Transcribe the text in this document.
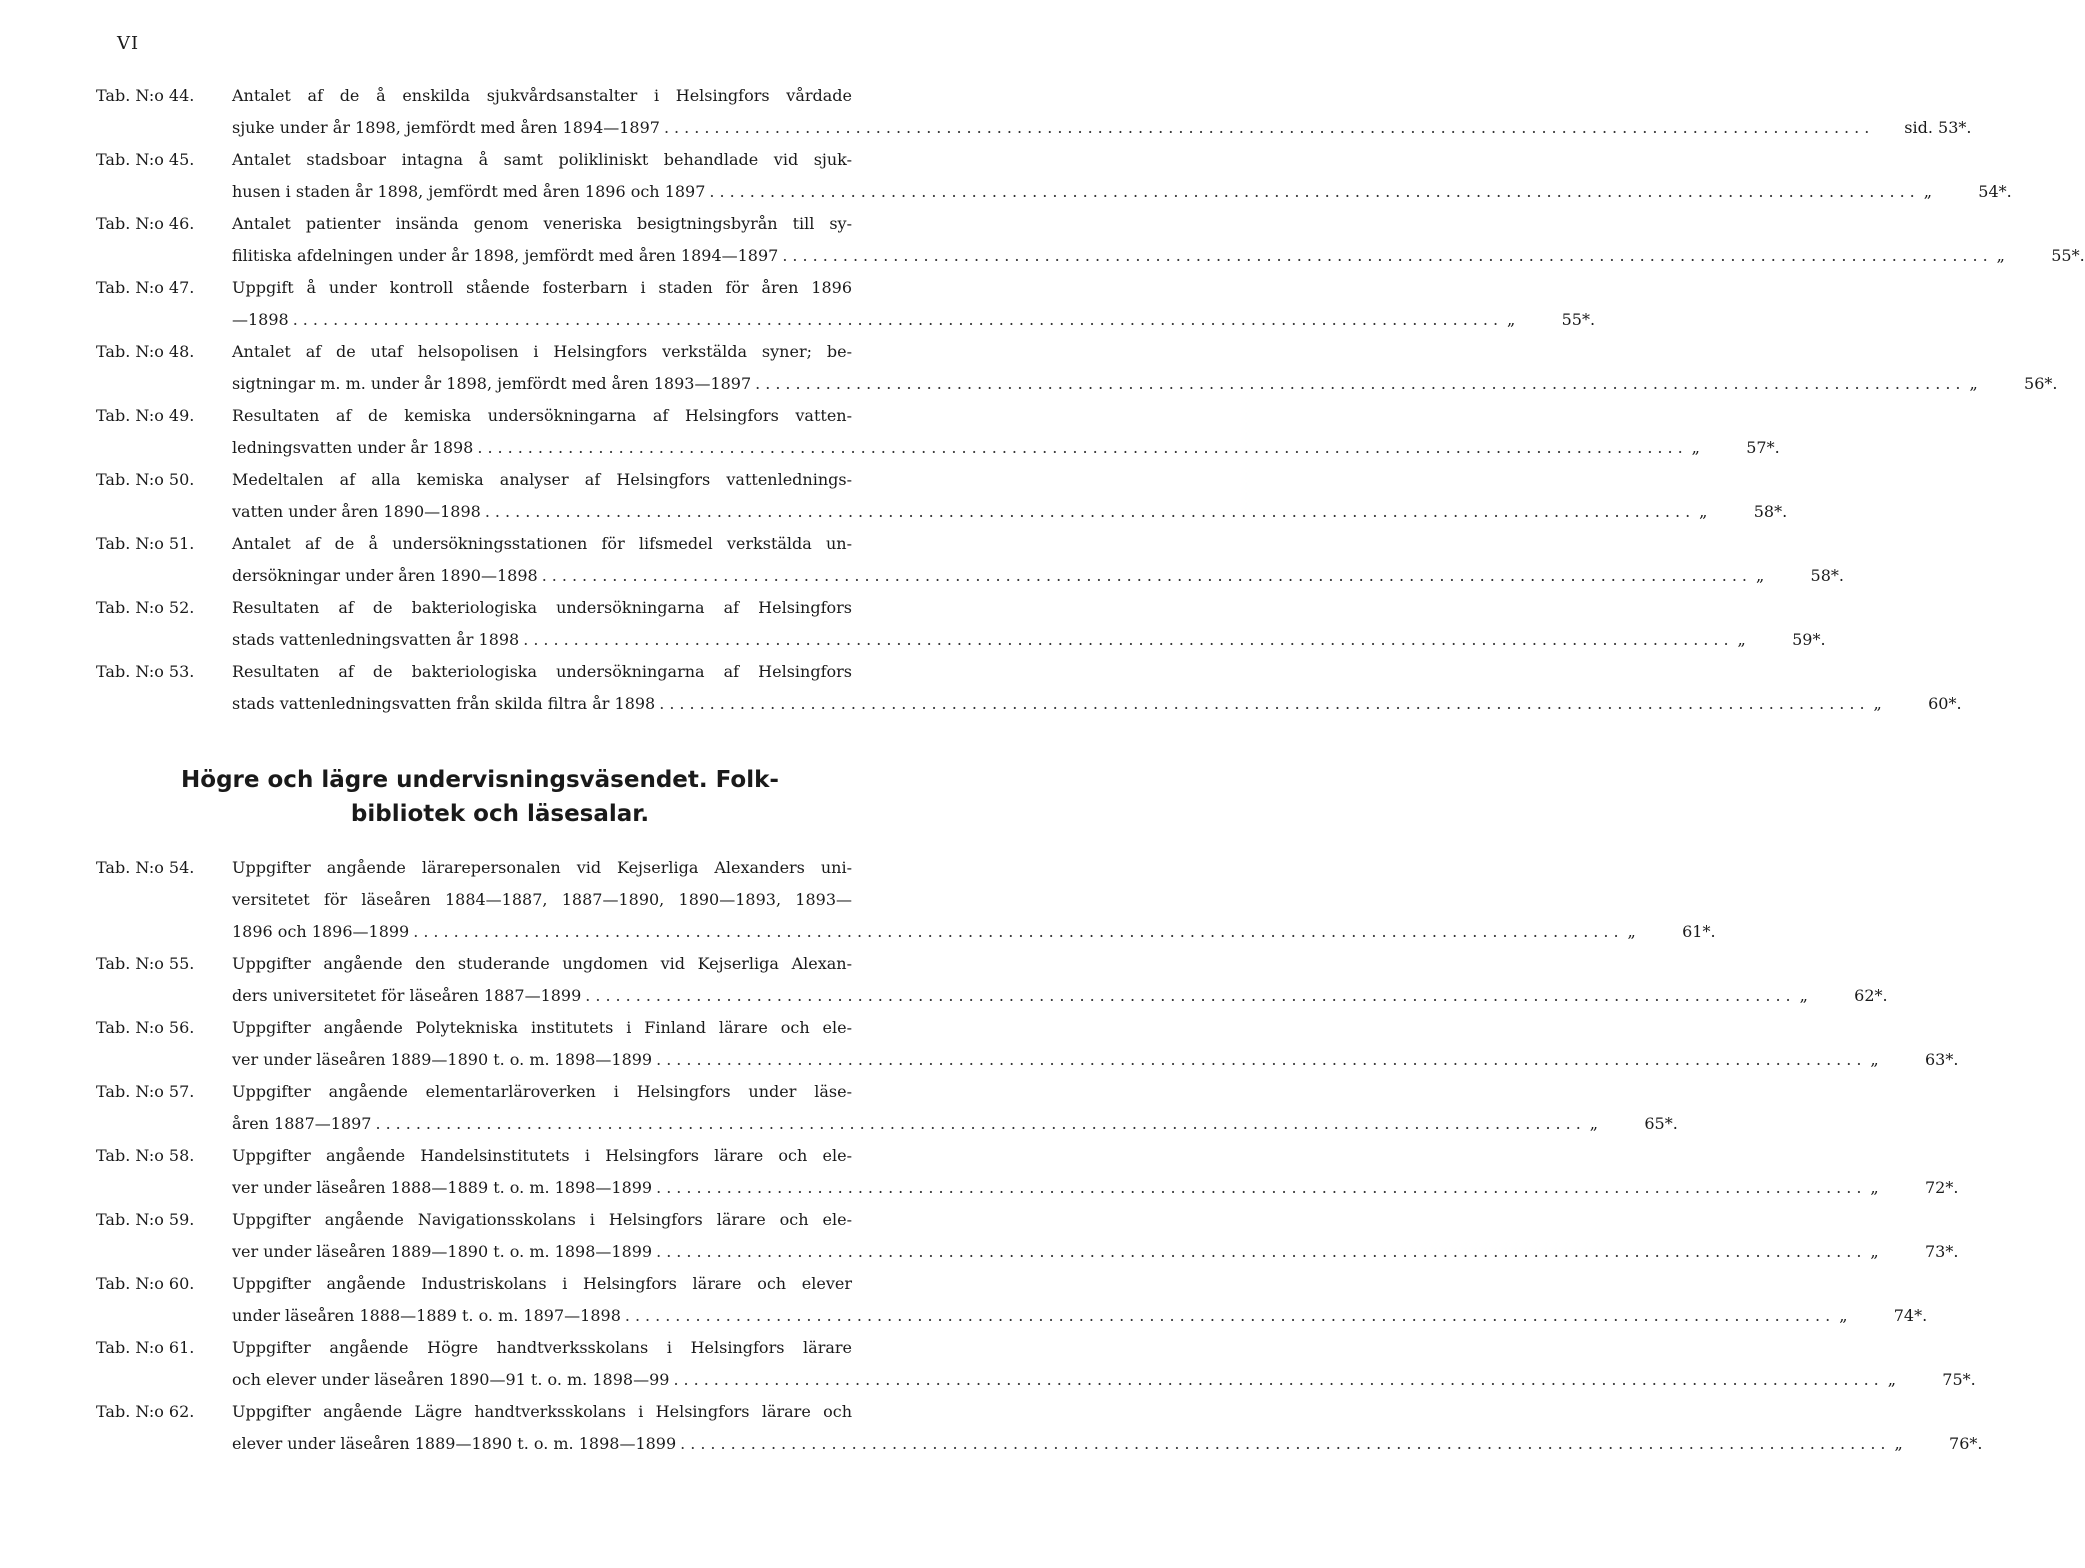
VI
Tab. N:o 44.	Antalet af de å enskilda sjukvårdsanstalter i Helsingfors vårdade
sjuke under år 1898, jemfördt med åren 1894—1897 ........................................................................................................................ sid. 53*.
Tab. N:o 45.	Antalet stadsboar intagna å samt polikliniskt behandlade vid sjuk-
husen i staden år 1898, jemfördt med åren 1896 och 1897 ........................................................................................................................ „	54*.
Tab. N:o 46.	Antalet patienter insända genom veneriska besigtningsbyrån till sy-
filitiska afdelningen under år 1898, jemfördt med åren 1894—1897 ........................................................................................................................ „	55*.
Tab. N:o 47.	Uppgift å under kontroll stående fosterbarn i staden för åren 1896
—1898 ........................................................................................................................ „	55*.
Tab. N:o 48.	Antalet af de utaf helsopolisen i Helsingfors verkstälda syner; be-
sigtningar m. m. under år 1898, jemfördt med åren 1893—1897 ........................................................................................................................ „	56*.
Tab. N:o 49.	Resultaten af de kemiska undersökningarna af Helsingfors vatten-
ledningsvatten under år 1898 ........................................................................................................................ „	57*.
Tab. N:o 50.	Medeltalen af alla kemiska analyser af Helsingfors vattenlednings-
vatten under åren 1890—1898 ........................................................................................................................ „	58*.
Tab. N:o 51.	Antalet af de å undersökningsstationen för lifsmedel verkstälda un-
dersökningar under åren 1890—1898 ........................................................................................................................ „	58*.
Tab. N:o 52.	Resultaten af de bakteriologiska undersökningarna af Helsingfors
stads vattenledningsvatten år 1898 ........................................................................................................................ „	59*.
Tab. N:o 53.	Resultaten af de bakteriologiska undersökningarna af Helsingfors
stads vattenledningsvatten från skilda filtra år 1898 ........................................................................................................................ „	60*.
Högre och lägre undervisningsväsendet. Folk-
bibliotek och läsesalar.
Tab. N:o 54.	Uppgifter angående lärarepersonalen vid Kejserliga Alexanders uni-
versitetet för läseåren 1884—1887, 1887—1890, 1890—1893, 1893—
1896 och 1896—1899 ........................................................................................................................ „	61*.
Tab. N:o 55.	Uppgifter angående den studerande ungdomen vid Kejserliga Alexan-
ders universitetet för läseåren 1887—1899 ........................................................................................................................ „	62*.
Tab. N:o 56.	Uppgifter angående Polytekniska institutets i Finland lärare och ele-
ver under läseåren 1889—1890 t. o. m. 1898—1899 ........................................................................................................................ „	63*.
Tab. N:o 57.	Uppgifter angående elementarläroverken i Helsingfors under läse-
åren 1887—1897 ........................................................................................................................ „	65*.
Tab. N:o 58.	Uppgifter angående Handelsinstitutets i Helsingfors lärare och ele-
ver under läseåren 1888—1889 t. o. m. 1898—1899 ........................................................................................................................ „	72*.
Tab. N:o 59.	Uppgifter angående Navigationsskolans i Helsingfors lärare och ele-
ver under läseåren 1889—1890 t. o. m. 1898—1899 ........................................................................................................................ „	73*.
Tab. N:o 60.	Uppgifter angående Industriskolans i Helsingfors lärare och elever
under läseåren 1888—1889 t. o. m. 1897—1898 ........................................................................................................................ „	74*.
Tab. N:o 61.	Uppgifter angående Högre handtverksskolans i Helsingfors lärare
och elever under läseåren 1890—91 t. o. m. 1898—99 ........................................................................................................................ „	75*.
Tab. N:o 62.	Uppgifter angående Lägre handtverksskolans i Helsingfors lärare och
elever under läseåren 1889—1890 t. o. m. 1898—1899 ........................................................................................................................ „	76*.
